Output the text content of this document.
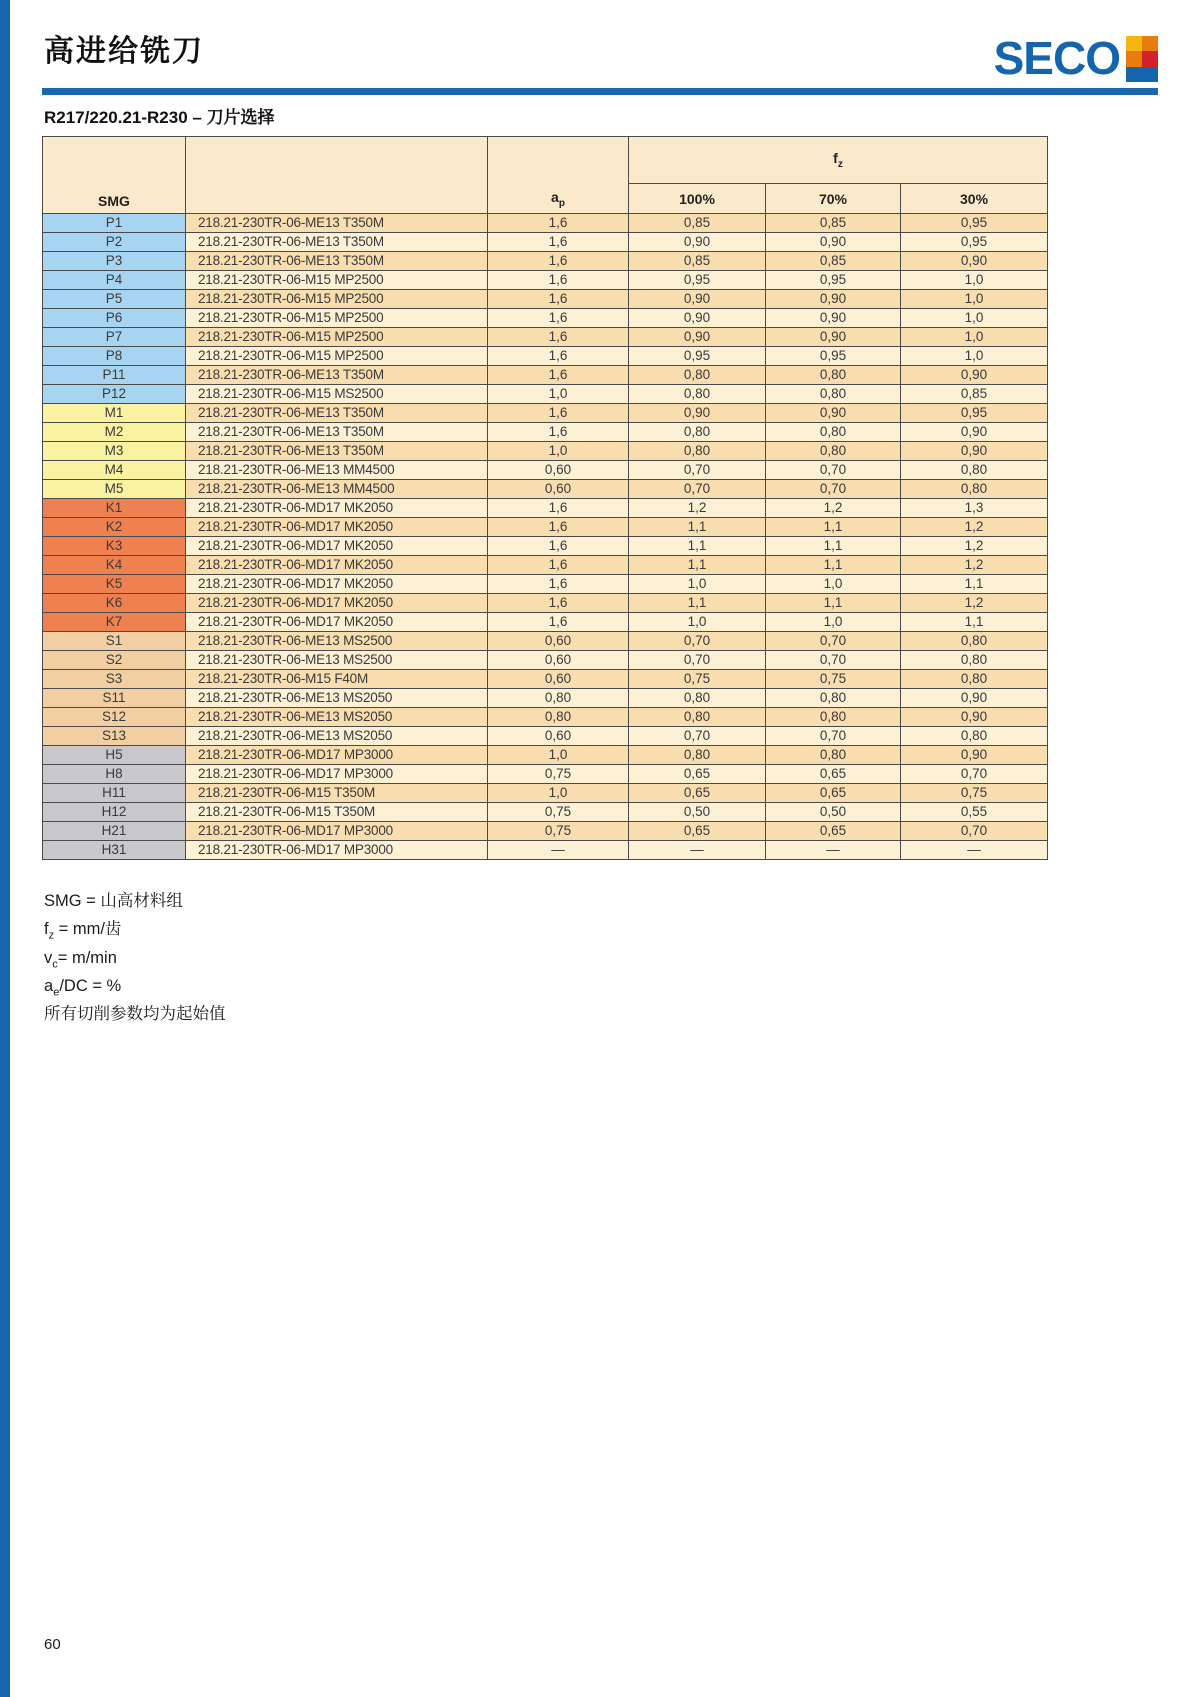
高进给铣刀	SECO
R217/220.21-R230 – 刀片选择
SMG		$a_p$	$f_z$
			100%	70%	30%
P1	218.21-230TR-06-ME13 T350M	1,6	0,85	0,85	0,95
P2	218.21-230TR-06-ME13 T350M	1,6	0,90	0,90	0,95
P3	218.21-230TR-06-ME13 T350M	1,6	0,85	0,85	0,90
P4	218.21-230TR-06-M15 MP2500	1,6	0,95	0,95	1,0
P5	218.21-230TR-06-M15 MP2500	1,6	0,90	0,90	1,0
P6	218.21-230TR-06-M15 MP2500	1,6	0,90	0,90	1,0
P7	218.21-230TR-06-M15 MP2500	1,6	0,90	0,90	1,0
P8	218.21-230TR-06-M15 MP2500	1,6	0,95	0,95	1,0
P11	218.21-230TR-06-ME13 T350M	1,6	0,80	0,80	0,90
P12	218.21-230TR-06-M15 MS2500	1,0	0,80	0,80	0,85
M1	218.21-230TR-06-ME13 T350M	1,6	0,90	0,90	0,95
M2	218.21-230TR-06-ME13 T350M	1,6	0,80	0,80	0,90
M3	218.21-230TR-06-ME13 T350M	1,0	0,80	0,80	0,90
M4	218.21-230TR-06-ME13 MM4500	0,60	0,70	0,70	0,80
M5	218.21-230TR-06-ME13 MM4500	0,60	0,70	0,70	0,80
K1	218.21-230TR-06-MD17 MK2050	1,6	1,2	1,2	1,3
K2	218.21-230TR-06-MD17 MK2050	1,6	1,1	1,1	1,2
K3	218.21-230TR-06-MD17 MK2050	1,6	1,1	1,1	1,2
K4	218.21-230TR-06-MD17 MK2050	1,6	1,1	1,1	1,2
K5	218.21-230TR-06-MD17 MK2050	1,6	1,0	1,0	1,1
K6	218.21-230TR-06-MD17 MK2050	1,6	1,1	1,1	1,2
K7	218.21-230TR-06-MD17 MK2050	1,6	1,0	1,0	1,1
S1	218.21-230TR-06-ME13 MS2500	0,60	0,70	0,70	0,80
S2	218.21-230TR-06-ME13 MS2500	0,60	0,70	0,70	0,80
S3	218.21-230TR-06-M15 F40M	0,60	0,75	0,75	0,80
S11	218.21-230TR-06-ME13 MS2050	0,80	0,80	0,80	0,90
S12	218.21-230TR-06-ME13 MS2050	0,80	0,80	0,80	0,90
S13	218.21-230TR-06-ME13 MS2050	0,60	0,70	0,70	0,80
H5	218.21-230TR-06-MD17 MP3000	1,0	0,80	0,80	0,90
H8	218.21-230TR-06-MD17 MP3000	0,75	0,65	0,65	0,70
H11	218.21-230TR-06-M15 T350M	1,0	0,65	0,65	0,75
H12	218.21-230TR-06-M15 T350M	0,75	0,50	0,50	0,55
H21	218.21-230TR-06-MD17 MP3000	0,75	0,65	0,65	0,70
H31	218.21-230TR-06-MD17 MP3000	—	—	—	—
SMG = 山高材料组
$f_z = mm/$齿
$v_c= m/\min$
$a_e/DC$ = %
所有切削参数均为起始值
60
